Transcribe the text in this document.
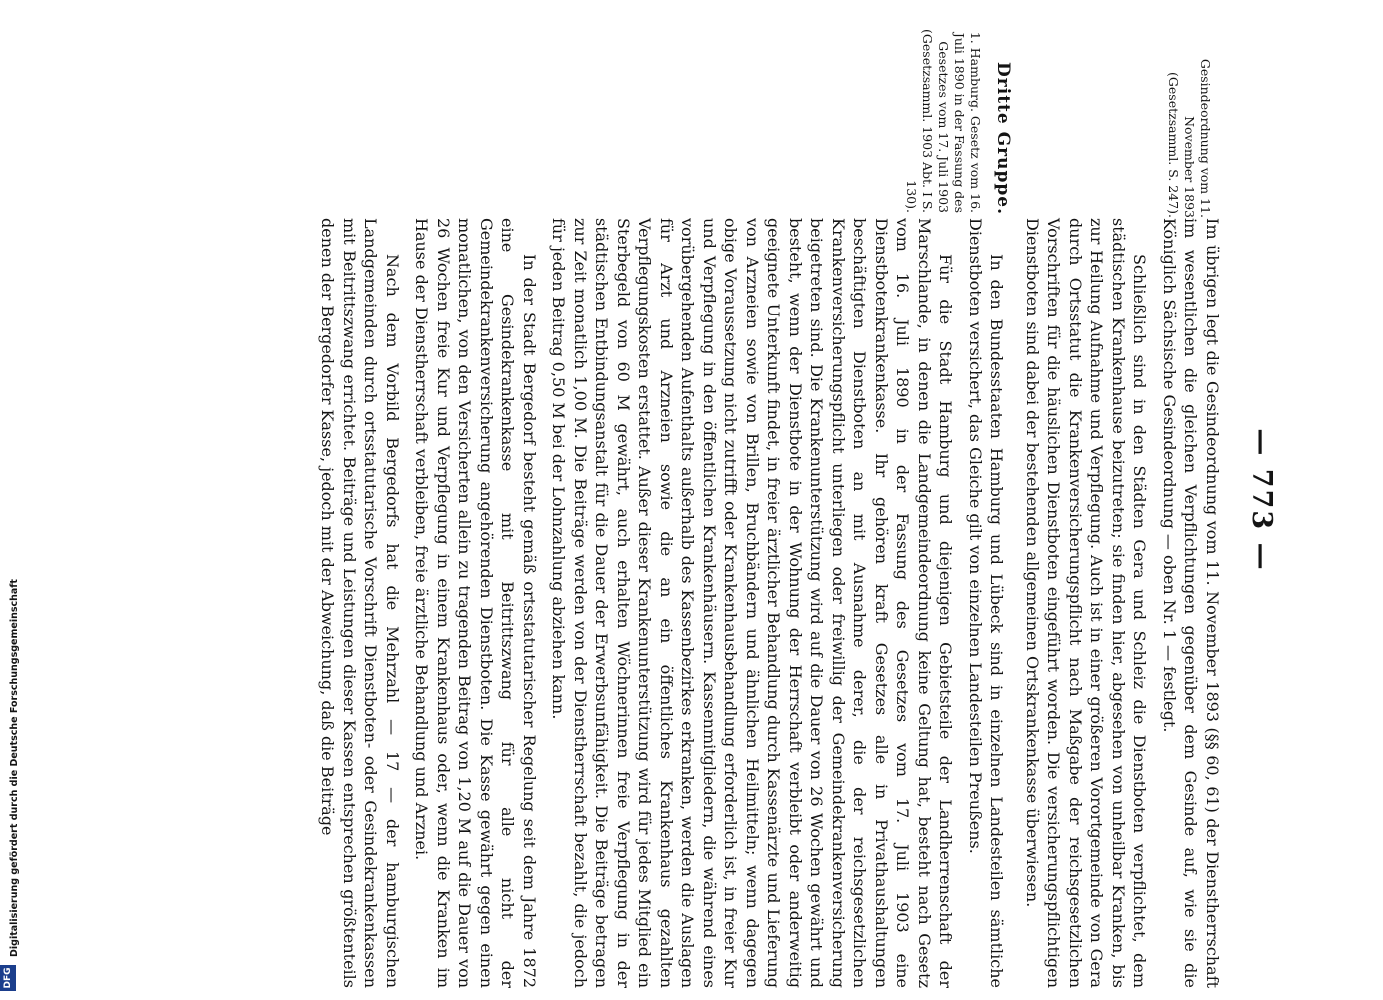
— 773 —
Gesindeordnung vom 11. November 1893 (Gesetzsamml. S. 247).
Dritte Gruppe.
1. Hamburg. Gesetz vom 16. Juli 1890 in der Fassung des Gesetzes vom 17. Juli 1903 (Gesetzsamml. 1903 Abt. I S. 130).

Im übrigen legt die Gesindeordnung vom 11. November 1893 (§§ 60, 61) der Dienstherrschaft im wesentlichen die gleichen Verpflichtungen gegenüber dem Gesinde auf, wie sie die Königlich Sächsische Gesindeordnung — oben Nr. 1 — festlegt.

Schließlich sind in den Städten Gera und Schleiz die Dienstboten verpflichtet, dem städtischen Krankenhause beizutreten; sie finden hier, abgesehen von unheilbar Kranken, bis zur Heilung Aufnahme und Verpflegung. Auch ist in einer größeren Vorortgemeinde von Gera durch Ortsstatut die Krankenversicherungspflicht nach Maßgabe der reichsgesetzlichen Vorschriften für die häuslichen Dienstboten eingeführt worden. Die versicherungspflichtigen Dienstboten sind dabei der bestehenden allgemeinen Ortskrankenkasse überwiesen.

In den Bundesstaaten Hamburg und Lübeck sind in einzelnen Landesteilen sämtliche Dienstboten versichert, das Gleiche gilt von einzelnen Landesteilen Preußens.

Für die Stadt Hamburg und diejenigen Gebietsteile der Landherrenschaft der Marschlande, in denen die Landgemeindeordnung keine Geltung hat, besteht nach Gesetz vom 16. Juli 1890 in der Fassung des Gesetzes vom 17. Juli 1903 eine Dienstbotenkrankenkasse. Ihr gehören kraft Gesetzes alle in Privathaushaltungen beschäftigten Dienstboten an mit Ausnahme derer, die der reichsgesetzlichen Krankenversicherungspflicht unterliegen oder freiwillig der Gemeindekrankenversicherung beigetreten sind. Die Krankenunterstützung wird auf die Dauer von 26 Wochen gewährt und besteht, wenn der Dienstbote in der Wohnung der Herrschaft verbleibt oder anderweitig geeignete Unterkunft findet, in freier ärztlicher Behandlung durch Kassenärzte und Lieferung von Arzneien sowie von Brillen, Bruchbändern und ähnlichen Heilmitteln; wenn dagegen obige Voraussetzung nicht zutrifft oder Krankenhausbehandlung erforderlich ist, in freier Kur und Verpflegung in den öffentlichen Krankenhäusern. Kassenmitgliedern, die während eines vorübergehenden Aufenthalts außerhalb des Kassenbezirkes erkranken, werden die Auslagen für Arzt und Arzneien sowie die an ein öffentliches Krankenhaus gezahlten Verpflegungskosten erstattet. Außer dieser Krankenunterstützung wird für jedes Mitglied ein Sterbegeld von 60 M gewährt, auch erhalten Wöchnerinnen freie Verpflegung in der städtischen Entbindungsanstalt für die Dauer der Erwerbsunfähigkeit. Die Beiträge betragen zur Zeit monatlich 1,00 M. Die Beiträge werden von der Dienstherrschaft bezahlt, die jedoch für jeden Beitrag 0,50 M bei der Lohnzahlung abziehen kann.

In der Stadt Bergedorf besteht gemäß ortsstatutarischer Regelung seit dem Jahre 1872 eine Gesindekrankenkasse mit Beitrittszwang für alle nicht der Gemeindekrankenversicherung angehörenden Dienstboten. Die Kasse gewährt gegen einen monatlichen, von den Versicherten allein zu tragenden Beitrag von 1,20 M auf die Dauer von 26 Wochen freie Kur und Verpflegung in einem Krankenhaus oder, wenn die Kranken im Hause der Dienstherrschaft verbleiben, freie ärztliche Behandlung und Arznei.

Nach dem Vorbild Bergedorfs hat die Mehrzahl — 17 — der hamburgischen Landgemeinden durch ortsstatutarische Vorschrift Dienstboten- oder Gesindekrankenkassen mit Beitrittszwang errichtet. Beiträge und Leistungen dieser Kassen entsprechen größtenteils denen der Bergedorfer Kasse, jedoch mit der Abweichung, daß die Beiträge

DFG
Digitalisierung gefördert durch die Deutsche Forschungsgemeinschaft
